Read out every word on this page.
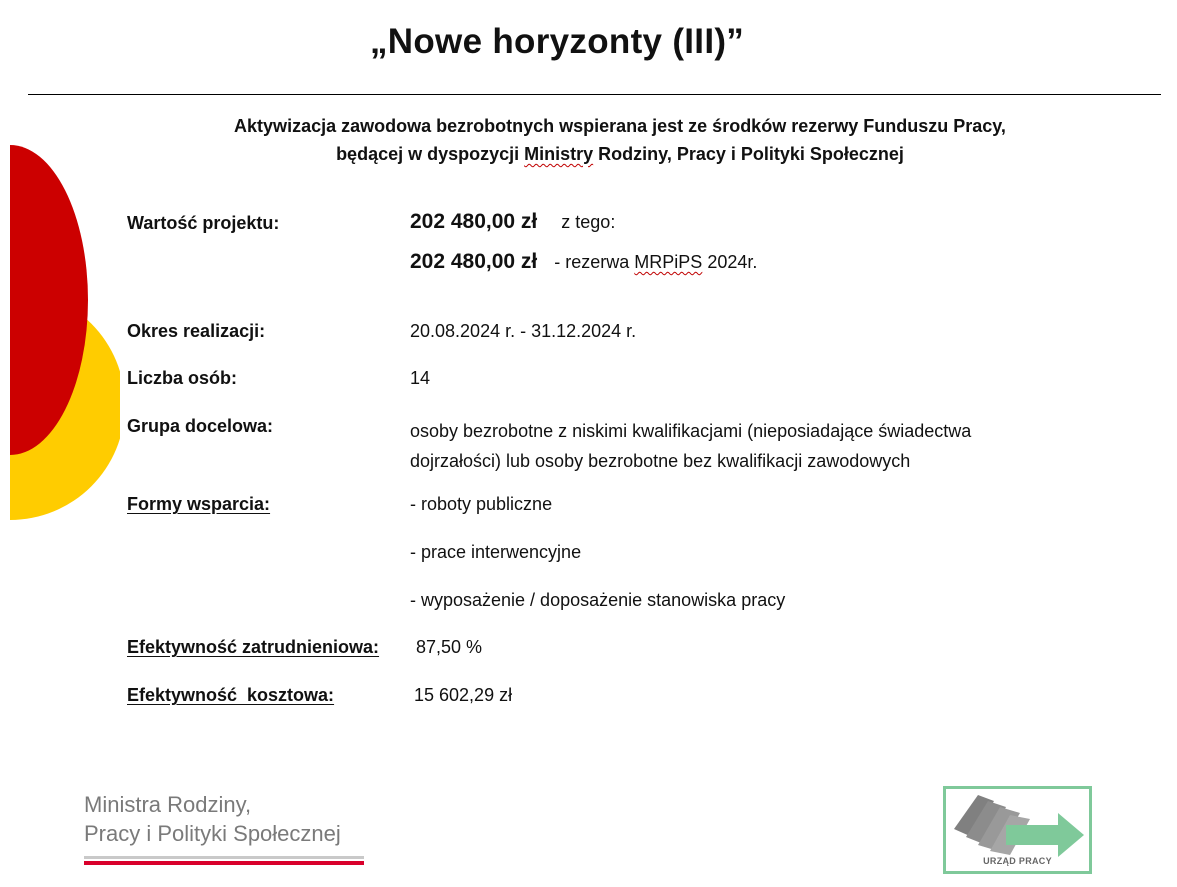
„Nowe horyzonty (III)”
Aktywizacja zawodowa bezrobotnych wspierana jest ze środków rezerwy Funduszu Pracy,
będącej w dyspozycji Ministry Rodziny, Pracy i Polityki Społecznej
Wartość projektu:	202 480,00 zł z tego:
202 480,00 zł - rezerwa MRPiPS 2024r.
Okres realizacji:	20.08.2024 r. - 31.12.2024 r.
Liczba osób:	14
Grupa docelowa:	osoby bezrobotne z niskimi kwalifikacjami (nieposiadające świadectwa
dojrzałości) lub osoby bezrobotne bez kwalifikacji zawodowych
Formy wsparcia:	- roboty publiczne
- prace interwencyjne
- wyposażenie / doposażenie stanowiska pracy
Efektywność zatrudnieniowa: 87,50 %
Efektywność  kosztowa:	15 602,29 zł
Ministra Rodziny,
Pracy i Polityki Społecznej
URZĄD PRACY
